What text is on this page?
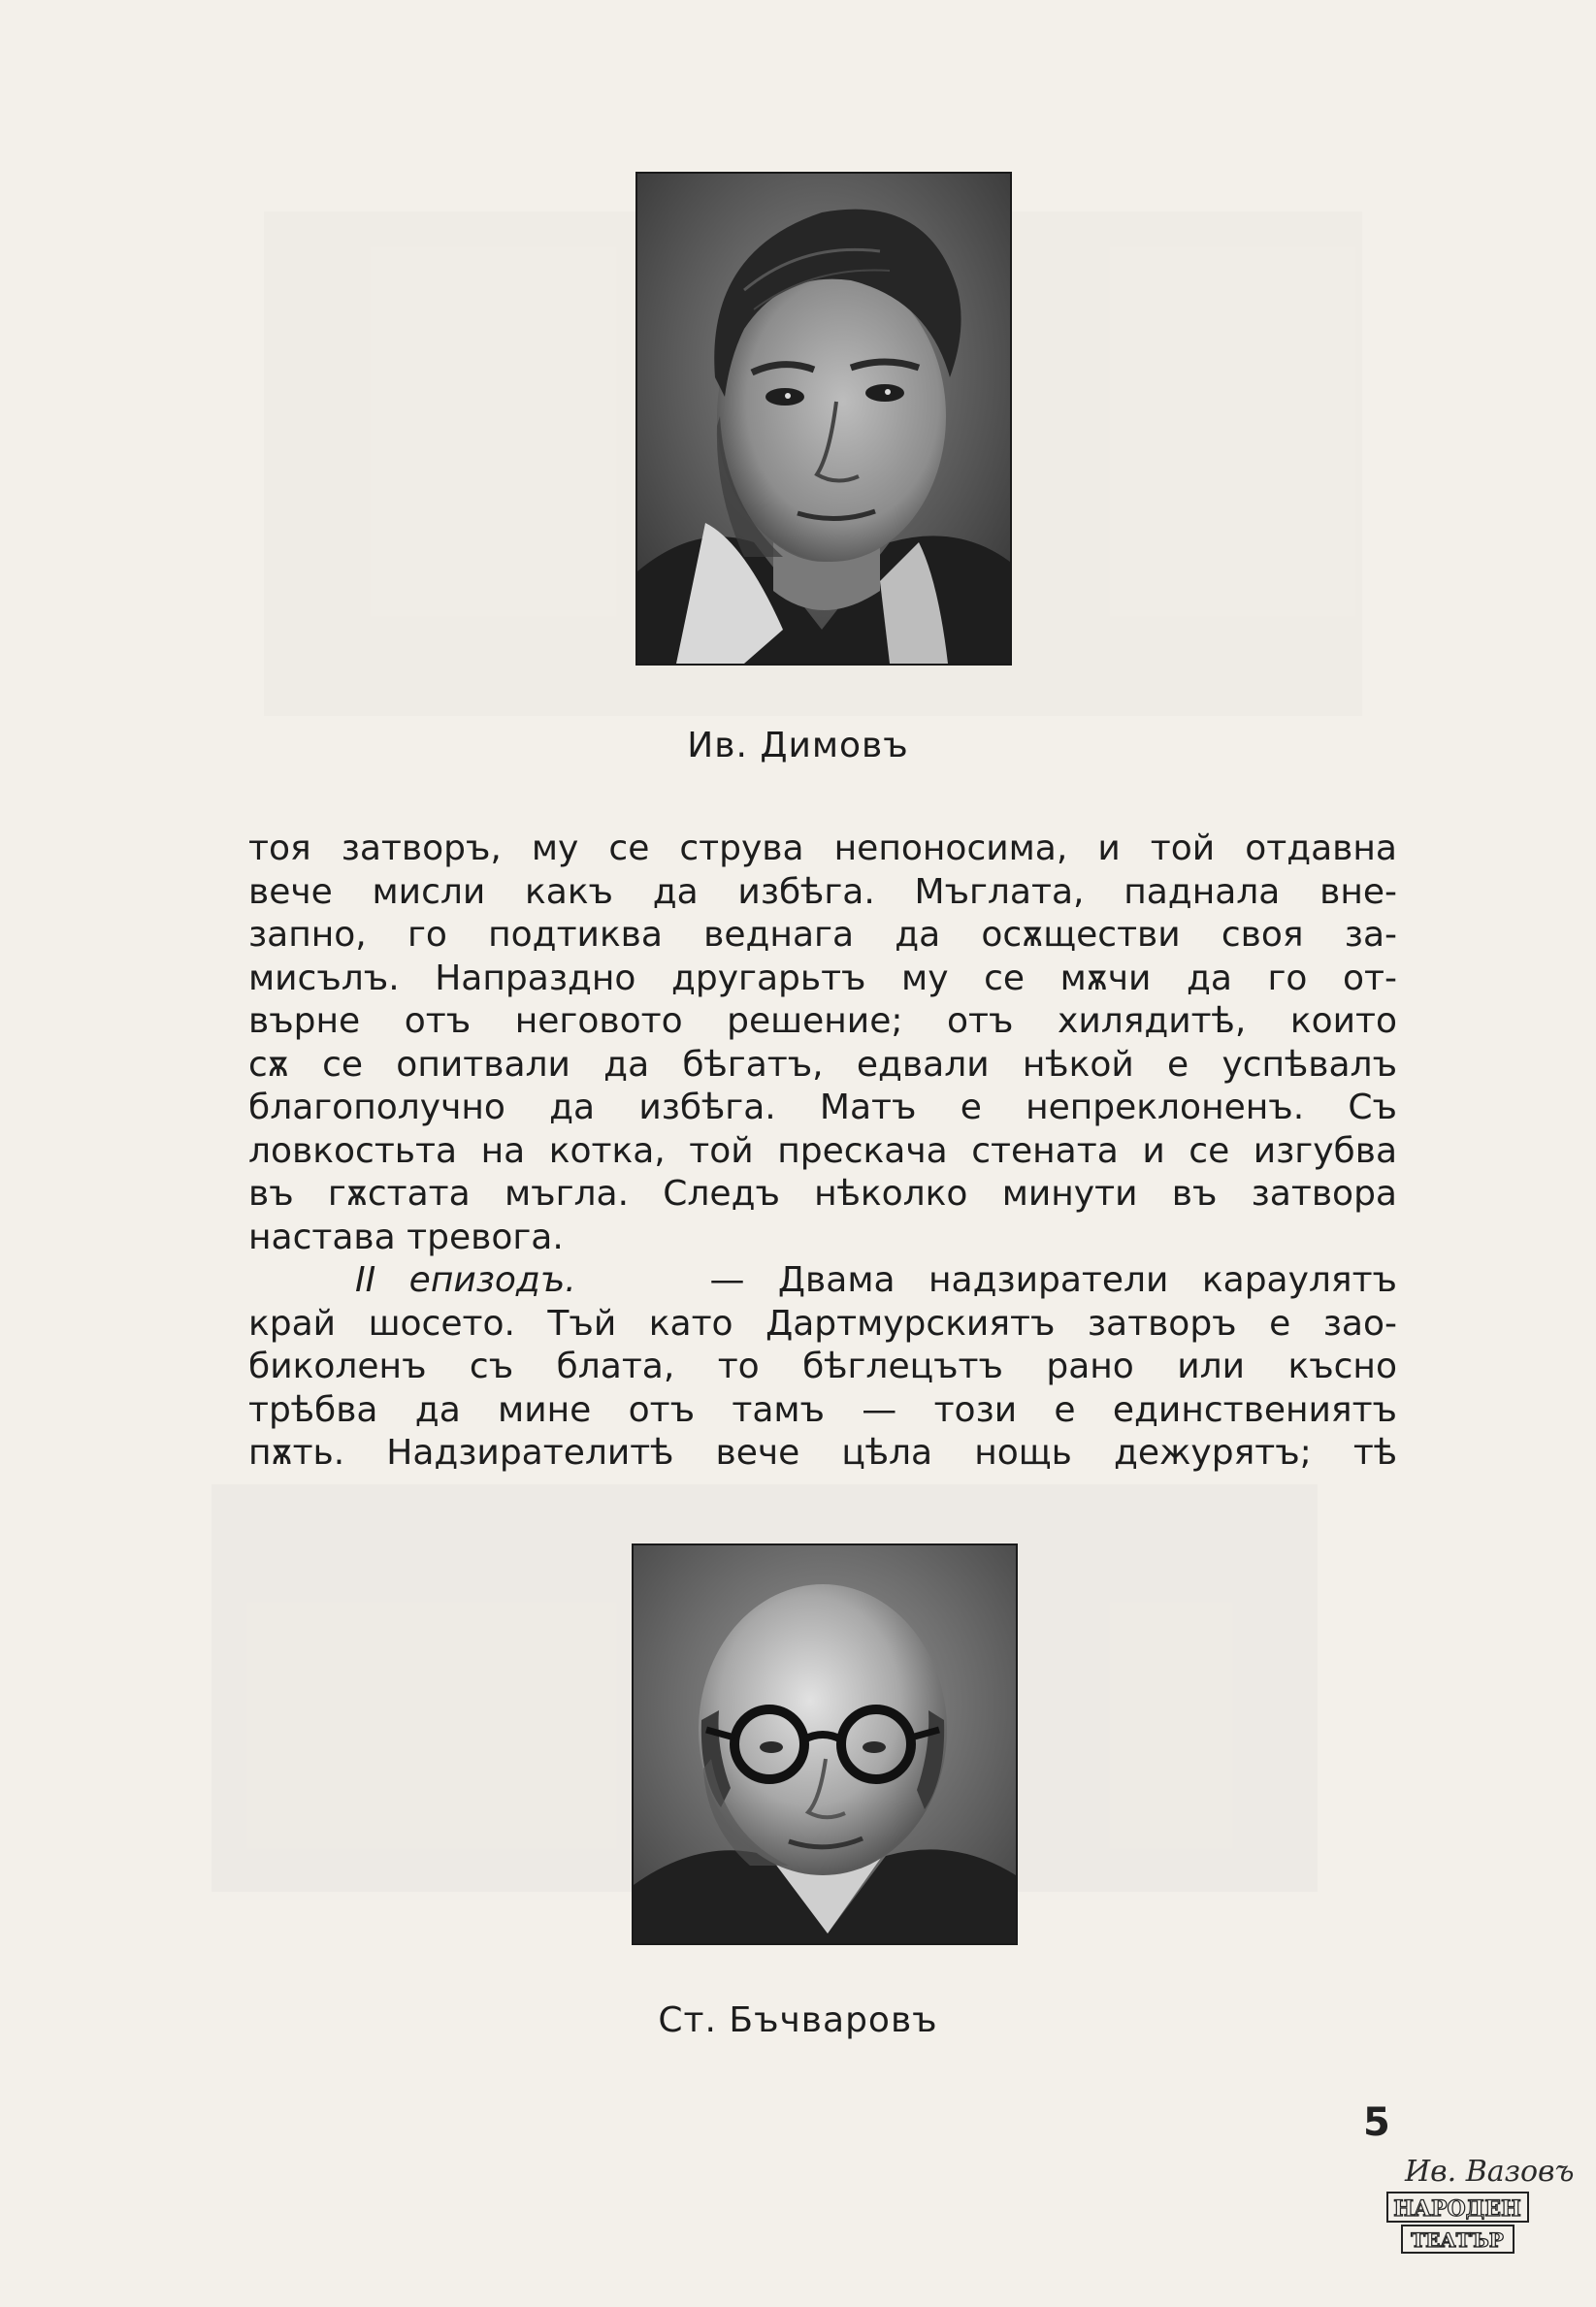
Ив. Димовъ
тоя затворъ, му се струва непоносима, и той отдавна
вече мисли какъ да избѣга. Мъглата, паднала вне-
запно, го подтиква веднага да осѫществи своя за-
мисълъ. Напраздно другарьтъ му се мѫчи да го от-
върне отъ неговото решение; отъ хилядитѣ, които
сѫ се опитвали да бѣгатъ, едвали нѣкой е успѣвалъ
благополучно да избѣга. Матъ е непреклоненъ. Съ
ловкостьта на котка, той прескача стената и се изгубва
въ гѫстата мъгла. Следъ нѣколко минути въ затвора
настава тревога.
II епизодъ.	— Двама надзиратели караулятъ
край шосето. Тъй като Дартмурскиятъ затворъ е зао-
биколенъ съ блата, то бѣглецътъ рано или късно
трѣбва да мине отъ тамъ — този е единствениятъ
пѫть. Надзирателитѣ вече цѣла нощь дежурятъ; тѣ
Ст. Бъчваровъ
5
Ив. Вазовъ
НАРОДЕН
ТЕАТЪР
